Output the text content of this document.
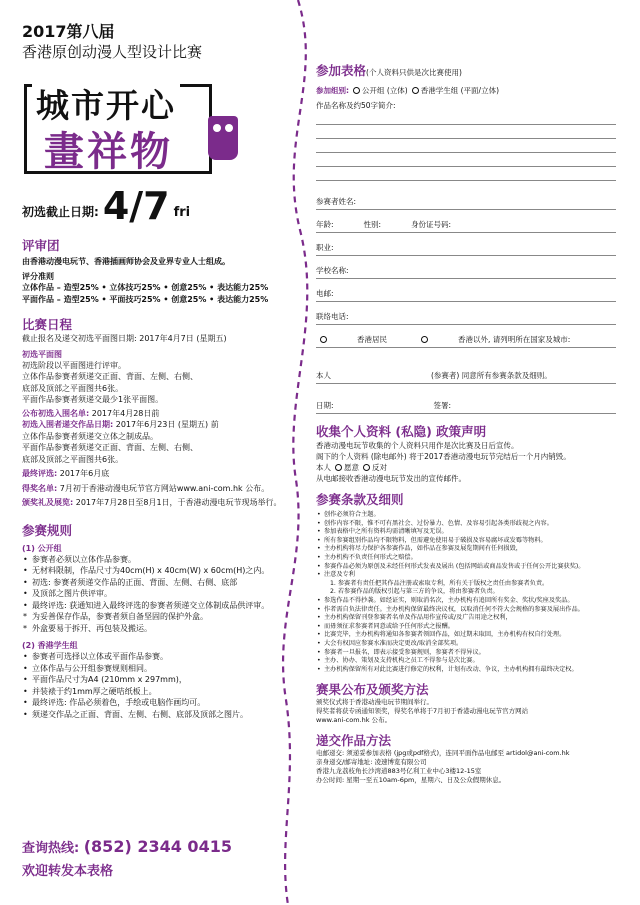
2017第八届
香港原创动漫人型设计比赛
城市开心
畫祥物
初选截止日期: 4/7 fri
评审团
由香港动漫电玩节、香港插画师协会及业界专业人士组成。
评分准则
立体作品 – 造型25% • 立体技巧25% • 创意25% • 表达能力25%
平面作品 – 造型25% • 平面技巧25% • 创意25% • 表达能力25%
比赛日程
截止报名及递交初选平面图日期: 2017年4月7日 (星期五)
初选平面图
初选阶段以平面图进行评审。
立体作品参赛者须递交正面、背面、左侧、右侧、
底部及顶部之平面图共6张。
平面作品参赛者须递交最少1张平面图。
公布初选入围名单: 2017年4月28日前
初选入围者递交作品日期: 2017年6月23日 (星期五) 前
立体作品参赛者须递交立体之制成品。
平面作品参赛者须递交正面、背面、左侧、右侧、
底部及顶部之平面图共6张。
最终评选: 2017年6月底
得奖名单: 7月初于香港动漫电玩节官方网站www.ani-com.hk 公布。
颁奖礼及展览: 2017年7月28日至8月1日，于香港动漫电玩节现场举行。
参赛规则
(1) 公开组
• 参赛者必须以立体作品参赛。
• 无材料限制，作品尺寸为40cm(H) x 40cm(W) x 60cm(H)之内。
• 初选: 参赛者须递交作品的正面、背面、左侧、右侧、底部
• 及顶部之图片供评审。
• 最终评选: 获通知进入最终评选的参赛者须递交立体制成品供评审。
* 为妥善保存作品，参赛者须自备坚固的保护外盒。
* 外盒要易于拆开、再包装及搬运。
(2) 香港学生组
• 参赛者可选择以立体或平面作品参赛。
• 立体作品与公开组参赛规则相同。
• 平面作品尺寸为A4 (210mm x 297mm)，
• 并装裱于约1mm厚之硬咭纸板上。
• 最终评选: 作品必须着色，手绘或电脑作画均可。
• 须递交作品之正面、背面、左侧、右侧、底部及顶部之图片。
查询热线: (852) 2344 0415
欢迎转发本表格
参加表格(个人资料只供是次比赛使用)
参加组别: 公开组 (立体) 香港学生组 (平面/立体)
作品名称及约50字简介:
参赛者姓名:
年龄:	性别:	身份证号码:
职业:
学校名称:
电邮:
联络电话:
香港居民	香港以外, 请列明所在国家及城市:
本人	(参赛者) 同意所有参赛条款及细则。
日期:	签署:
收集个人资料 (私隐) 政策声明
香港动漫电玩节收集的个人资料只用作是次比赛及日后宣传。
阁下的个人资料 (除电邮外) 将于2017香港动漫电玩节完结后一个月内销毁。
本人 愿意 反对
从电邮接收香港动漫电玩节发出的宣传邮件。
参赛条款及细则
• 创作必须符合主题。
• 创作内容不限，惟不可有黑社会、过份暴力、色情、及容易引起各类形歧视之内容。
• 参加表格中之所有资料均需清晰填写及无误。
• 所有参赛组别作品均不限物料，但需避免使用易于破损及容易腐坏或发霉等物料。
• 主办机构将尽力保护各参赛作品，如作品在参赛及展览期间有任何损毁，
• 主办机构不负责任何形式之赔偿。
• 参赛作品必须为原创及未经任何形式发表及展出 (包括网站或商品发售或于任何公开比赛获奖)。
• 注意及专利
1. 参赛者有责任把其作品注册或索取专利，所有关于版权之责任由参赛者负责。
2. 若参赛作品的版权引起与第三方的争议，将由参赛者负责。
• 参选作品不得抄袭。如经证实，则取消名次，主办机构有追回所有奖金、奖状/奖座及奖品。
• 作者需自负法律责任。主办机构保留最终决议权，以取消任何不符大会规格的参赛及展出作品。
• 主办机构保留刊登参赛者名单及作品用作宣传或/及广告用途之权利，
• 而毋须征求参赛者同意或给予任何形式之报酬。
• 比赛完毕，主办机构将通知各参赛者领回作品，如过期未取回，主办机构有权自行处理。
• 大会有权因应参赛水准而决定更改/取消全部奖项。
• 参赛者一旦报名，即表示接受参赛规则，参赛者不得异议。
• 主办、协办、策划及支持机构之员工不得参与是次比赛。
• 主办机构保留所有对此比赛进行修定的权利，计划有改动、争议，主办机构拥有最终决定权。
赛果公布及颁奖方法
颁奖仪式将于香港动漫电玩节期间举行。
得奖者将获专函通知领奖，得奖名单将于7月初于香港动漫电玩节官方网站
www.ani-com.hk 公布。
递交作品方法
电邮递交: 须递妥参加表格 (jpg或pdf格式)，连同平面作品电邮至 artidol@ani-com.hk
亲身递交/邮寄地址: 凌速博览有限公司
香港九龙荔枝角长沙湾道883号亿利工业中心3楼12-15室
办公时间: 星期一至五10am-6pm，星期六、日及公众假期休息。
